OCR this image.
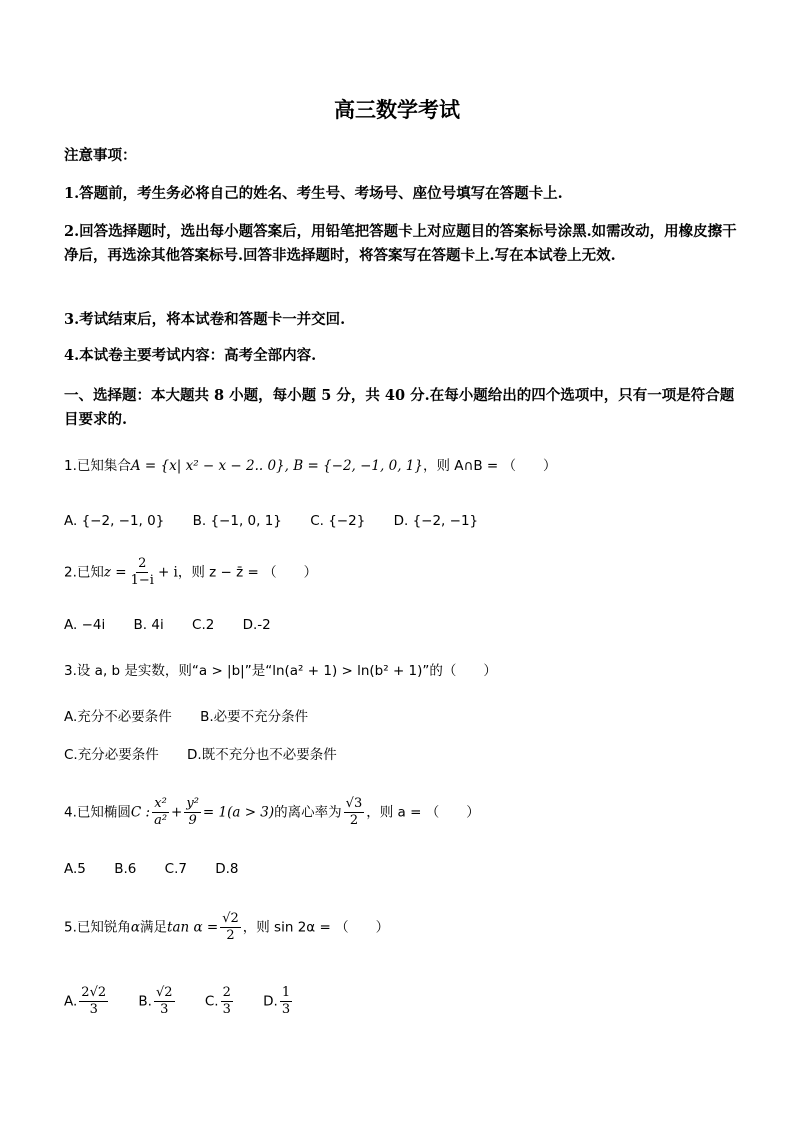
高三数学考试
注意事项：
1.答题前，考生务必将自己的姓名、考生号、考场号、座位号填写在答题卡上.
2.回答选择题时，选出每小题答案后，用铅笔把答题卡上对应题目的答案标号涂黑.如需改动，用橡皮擦干净后，再选涂其他答案标号.回答非选择题时，将答案写在答题卡上.写在本试卷上无效.
3.考试结束后，将本试卷和答题卡一并交回.
4.本试卷主要考试内容：高考全部内容.
一、选择题：本大题共 8 小题，每小题 5 分，共 40 分.在每小题给出的四个选项中，只有一项是符合题目要求的.
1.已知集合A = {x| x² − x − 2.. 0}, B = {−2, −1, 0, 1}，则 A∩B = （　　）
A. {−2, −1, 0} B. {−1, 0, 1} C. {−2} D. {−2, −1}
2.已知$z = \frac{2}{1-i} + i$，则 z − z̄ = （　　）
A. −4i B. 4i C.2 D.-2
3.设 a, b 是实数，则“a > |b|”是“ln(a² + 1) > ln(b² + 1)”的（　　）
A.充分不必要条件 B.必要不充分条件
C.充分必要条件 D.既不充分也不必要条件
4.已知椭圆C : $\frac{\text{x²}}{\text{a²}} + \frac{\text{y²}}{9} = 1(a > 3)$的离心率为 $\frac{√3}{2}$ ，则 a = （　　）
A.5 B.6 C.7 D.8
5.已知锐角α满足$\tan \alpha = \frac{√2}{2}$ ，则 sin 2α = （　　）
A. $\frac{2√2}{3} B$. $\frac{√2}{3} C$. $\frac{2}{3} D$. $\frac{1}{3}$
